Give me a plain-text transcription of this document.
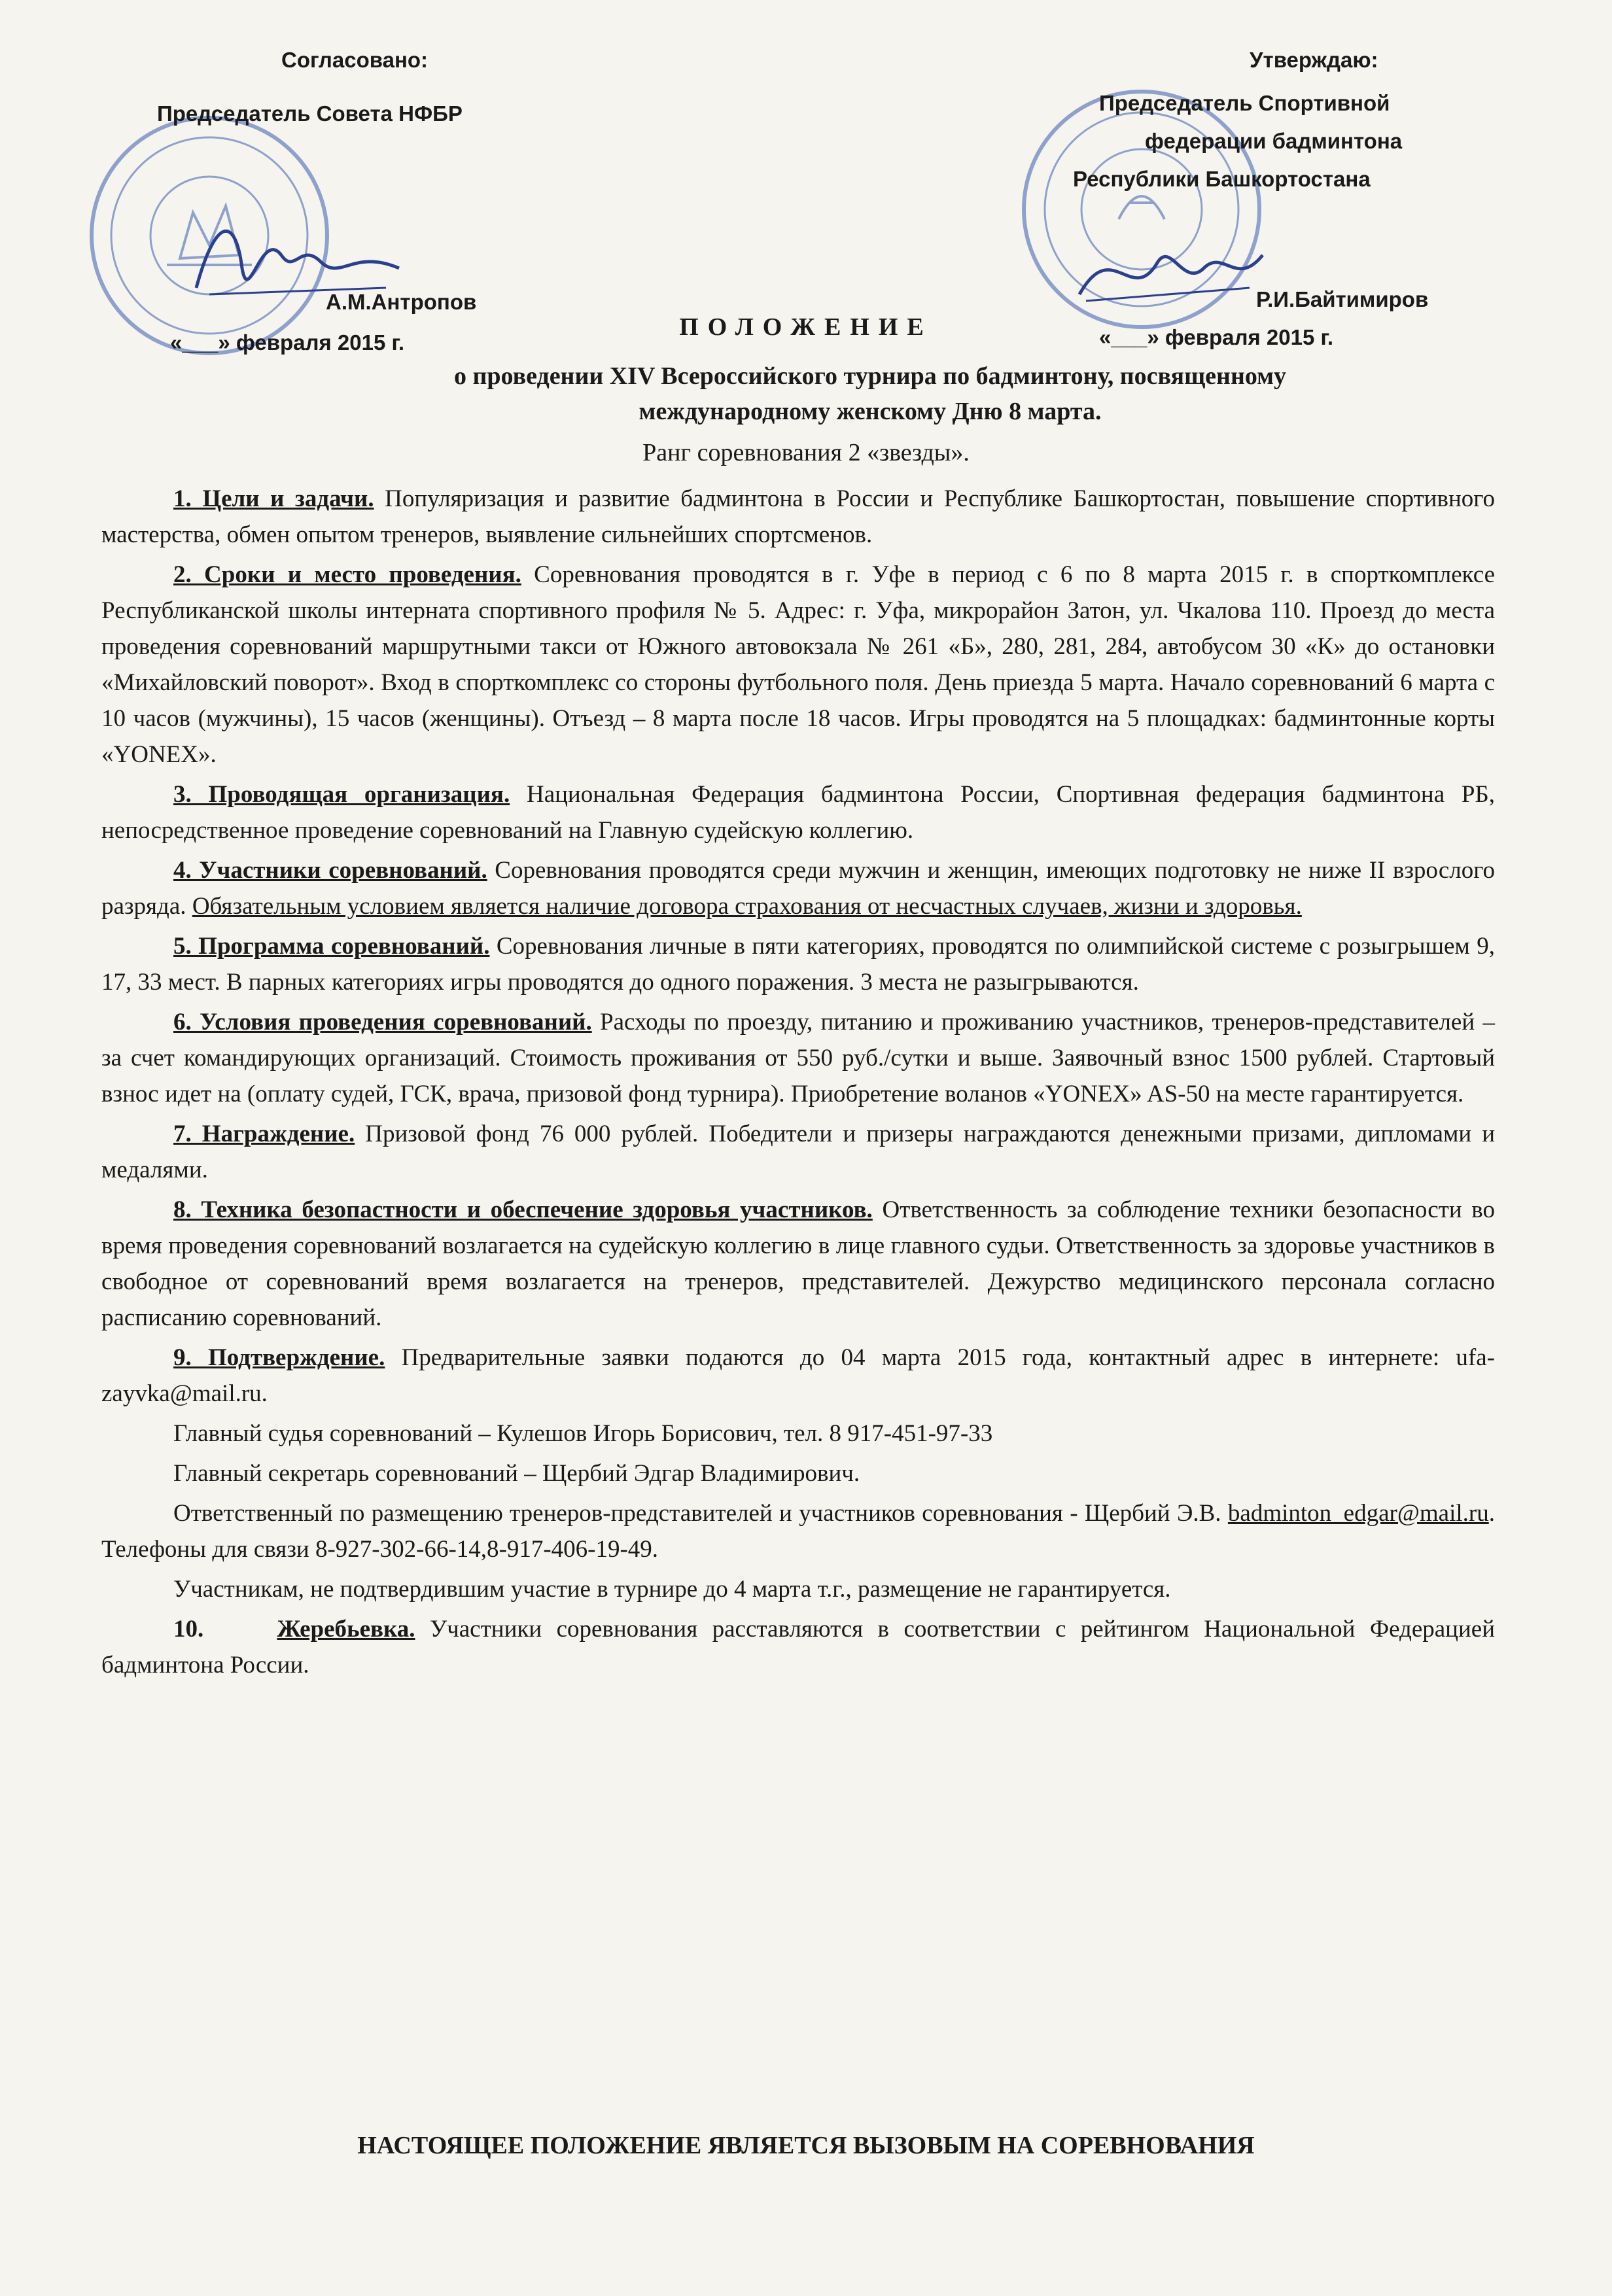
Согласовано:
Председатель Совета НФБР
А.М.Антропов
«___» февраля 2015 г.
Утверждаю:
Председатель Спортивной
федерации бадминтона
Республики Башкортостана
Р.И.Байтимиров
«___» февраля 2015 г.
ПОЛОЖЕНИЕ
о проведении XIV Всероссийского турнира по бадминтону, посвященному
международному женскому Дню 8 марта.
Ранг соревнования 2 «звезды».

1. Цели и задачи. Популяризация и развитие бадминтона в России и Республике Башкортостан, повышение спортивного мастерства, обмен опытом тренеров, выявление сильнейших спортсменов.

2. Сроки и место проведения. Соревнования проводятся в г. Уфе в период с 6 по 8 марта 2015 г. в спорткомплексе Республиканской школы интерната спортивного профиля № 5. Адрес: г. Уфа, микрорайон Затон, ул. Чкалова 110. Проезд до места проведения соревнований маршрутными такси от Южного автовокзала № 261 «Б», 280, 281, 284, автобусом 30 «К» до остановки «Михайловский поворот». Вход в спорткомплекс со стороны футбольного поля. День приезда 5 марта. Начало соревнований 6 марта с 10 часов (мужчины), 15 часов (женщины). Отъезд – 8 марта после 18 часов. Игры проводятся на 5 площадках: бадминтонные корты «YONEX».

3. Проводящая организация. Национальная Федерация бадминтона России, Спортивная федерация бадминтона РБ, непосредственное проведение соревнований на Главную судейскую коллегию.

4. Участники соревнований. Соревнования проводятся среди мужчин и женщин, имеющих подготовку не ниже II взрослого разряда. Обязательным условием является наличие договора страхования от несчастных случаев, жизни и здоровья.

5. Программа соревнований. Соревнования личные в пяти категориях, проводятся по олимпийской системе с розыгрышем 9, 17, 33 мест. В парных категориях игры проводятся до одного поражения. 3 места не разыгрываются.

6. Условия проведения соревнований. Расходы по проезду, питанию и проживанию участников, тренеров-представителей – за счет командирующих организаций. Стоимость проживания от 550 руб./сутки и выше. Заявочный взнос 1500 рублей. Стартовый взнос идет на (оплату судей, ГСК, врача, призовой фонд турнира). Приобретение воланов «YONEX» AS-50 на месте гарантируется.

7. Награждение. Призовой фонд 76 000 рублей. Победители и призеры награждаются денежными призами, дипломами и медалями.

8. Техника безопастности и обеспечение здоровья участников. Ответственность за соблюдение техники безопасности во время проведения соревнований возлагается на судейскую коллегию в лице главного судьи. Ответственность за здоровье участников в свободное от соревнований время возлагается на тренеров, представителей. Дежурство медицинского персонала согласно расписанию соревнований.

9. Подтверждение. Предварительные заявки подаются до 04 марта 2015 года, контактный адрес в интернете: ufa-zayvka@mail.ru.

Главный судья соревнований – Кулешов Игорь Борисович, тел. 8 917-451-97-33

Главный секретарь соревнований – Щербий Эдгар Владимирович.

Ответственный по размещению тренеров-представителей и участников соревнования - Щербий Э.В. badminton_edgar@mail.ru. Телефоны для связи 8-927-302-66-14,8-917-406-19-49.

Участникам, не подтвердившим участие в турнире до 4 марта т.г., размещение не гарантируется.

10.	Жеребьевка. Участники соревнования расставляются в соответствии с рейтингом Национальной Федерацией бадминтона России.

НАСТОЯЩЕЕ ПОЛОЖЕНИЕ ЯВЛЯЕТСЯ ВЫЗОВЫМ НА СОРЕВНОВАНИЯ
